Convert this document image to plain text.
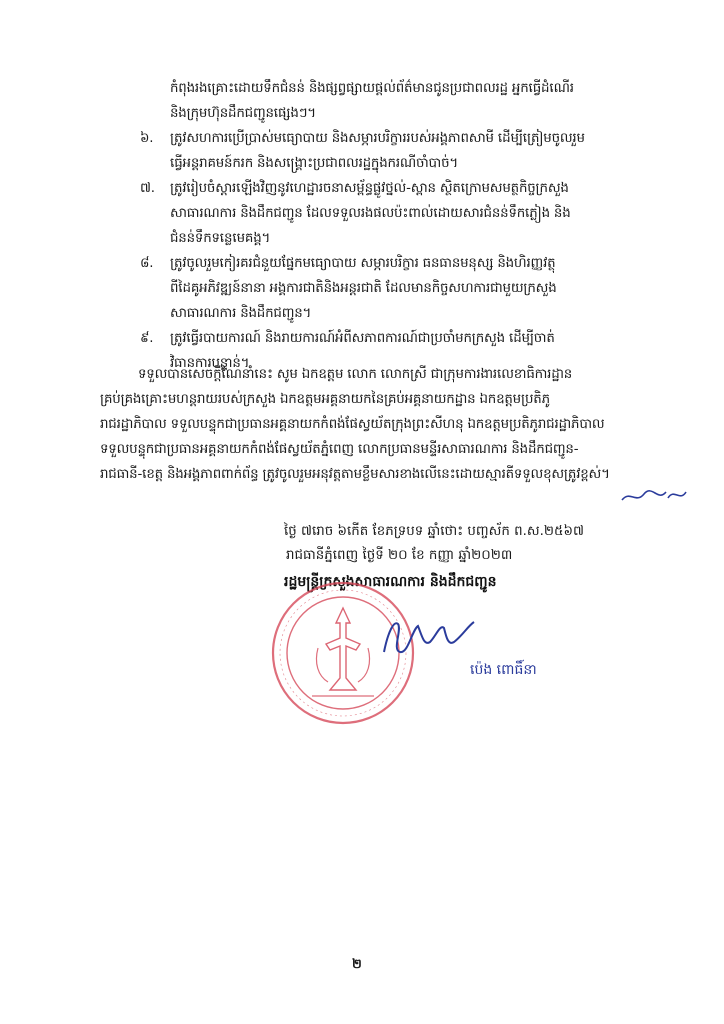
កំពុងរងគ្រោះដោយទឹកជំនន់ និងផ្សព្វផ្សាយផ្តល់ព័ត៌មានជូនប្រជាពលរដ្ឋ អ្នកធ្វើដំណើរ
និងក្រុមហ៊ុនដឹកជញ្ជូនផ្សេងៗ។
៦.	ត្រូវសហការប្រើប្រាស់មធ្យោបាយ និងសម្ភារបរិក្ខាររបស់អង្គភាពសាមី ដើម្បីត្រៀមចូលរួម
ធ្វើអន្តរាគមន៍ករក និងសង្គ្រោះប្រជាពលរដ្ឋក្នុងករណីចាំបាច់។
៧.	ត្រូវរៀបចំស្តារឡើងវិញនូវហេដ្ឋារចនាសម្ព័ន្ធផ្លូវថ្នល់-ស្ពាន ស្ថិតក្រោមសមត្ថកិច្ចក្រសួង
សាធារណការ និងដឹកជញ្ជូន ដែលទទួលរងផលប៉ះពាល់ដោយសារជំនន់ទឹកភ្លៀង និង
ជំនន់ទឹកទន្លេមេគង្គ។
៨.	ត្រូវចូលរួមកៀរគរជំនួយផ្នែកមធ្យោបាយ សម្ភារបរិក្ខារ ធនធានមនុស្ស និងហិរញ្ញវត្ថុ
ពីដៃគូអភិវឌ្ឍន៍នានា អង្គការជាតិនិងអន្តរជាតិ ដែលមានកិច្ចសហការជាមួយក្រសួង
សាធារណការ និងដឹកជញ្ជូន។
៩.	ត្រូវធ្វើរបាយការណ៍ និងរាយការណ៍អំពីសភាពការណ៍ជាប្រចាំមកក្រសួង ដើម្បីចាត់
វិធានការបន្ទាន់។
ទទួលបានសេចក្តីណែនាំនេះ សូម ឯកឧត្តម លោក លោកស្រី ជាក្រុមការងារលេខាធិការដ្ឋាន
គ្រប់គ្រងគ្រោះមហន្តរាយរបស់ក្រសួង ឯកឧត្តមអគ្គនាយកនៃគ្រប់អគ្គនាយកដ្ឋាន ឯកឧត្តមប្រតិភូ
រាជរដ្ឋាភិបាល ទទួលបន្ទុកជាប្រធានអគ្គនាយកកំពង់ផែស្វយ័តក្រុងព្រះសីហនុ ឯកឧត្តមប្រតិភូរាជរដ្ឋាភិបាល
ទទួលបន្ទុកជាប្រធានអគ្គនាយកកំពង់ផែស្វយ័តភ្នំពេញ លោកប្រធានមន្ទីរសាធារណការ និងដឹកជញ្ជូន-
រាជធានី-ខេត្ត និងអង្គភាពពាក់ព័ន្ធ ត្រូវចូលរួមអនុវត្តតាមខ្លឹមសារខាងលើនេះដោយស្មារតីទទួលខុសត្រូវខ្ពស់។
ថ្ងៃ ៧រោច ៦កើត ខែភទ្របទ ឆ្នាំថោះ បញ្ចស័ក ព.ស.២៥៦៧
រាជធានីភ្នំពេញ ថ្ងៃទី ២០ ខែ កញ្ញា ឆ្នាំ២០២៣
រដ្ឋមន្ត្រីក្រសួងសាធារណការ និងដឹកជញ្ជូន
ប៉េង ពោធិ៍នា
២
